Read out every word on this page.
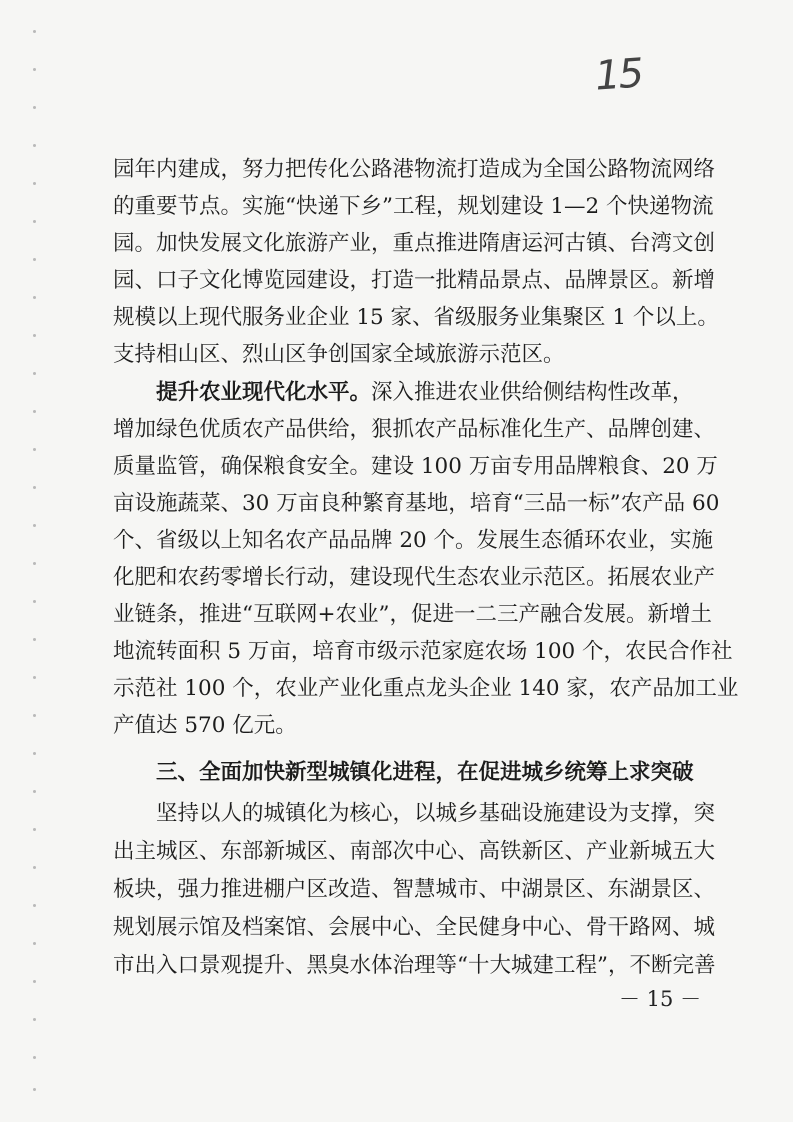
15
园年内建成，努力把传化公路港物流打造成为全国公路物流网络
的重要节点。实施“快递下乡”工程，规划建设 1—2 个快递物流
园。加快发展文化旅游产业，重点推进隋唐运河古镇、台湾文创
园、口子文化博览园建设，打造一批精品景点、品牌景区。新增
规模以上现代服务业企业 15 家、省级服务业集聚区 1 个以上。
支持相山区、烈山区争创国家全域旅游示范区。
提升农业现代化水平。深入推进农业供给侧结构性改革，
增加绿色优质农产品供给，狠抓农产品标准化生产、品牌创建、
质量监管，确保粮食安全。建设 100 万亩专用品牌粮食、20 万
亩设施蔬菜、30 万亩良种繁育基地，培育“三品一标”农产品 60
个、省级以上知名农产品品牌 20 个。发展生态循环农业，实施
化肥和农药零增长行动，建设现代生态农业示范区。拓展农业产
业链条，推进“互联网+农业”，促进一二三产融合发展。新增土
地流转面积 5 万亩，培育市级示范家庭农场 100 个，农民合作社
示范社 100 个，农业产业化重点龙头企业 140 家，农产品加工业
产值达 570 亿元。
三、全面加快新型城镇化进程，在促进城乡统筹上求突破
坚持以人的城镇化为核心，以城乡基础设施建设为支撑，突
出主城区、东部新城区、南部次中心、高铁新区、产业新城五大
板块，强力推进棚户区改造、智慧城市、中湖景区、东湖景区、
规划展示馆及档案馆、会展中心、全民健身中心、骨干路网、城
市出入口景观提升、黑臭水体治理等“十大城建工程”，不断完善
－ 15 －
